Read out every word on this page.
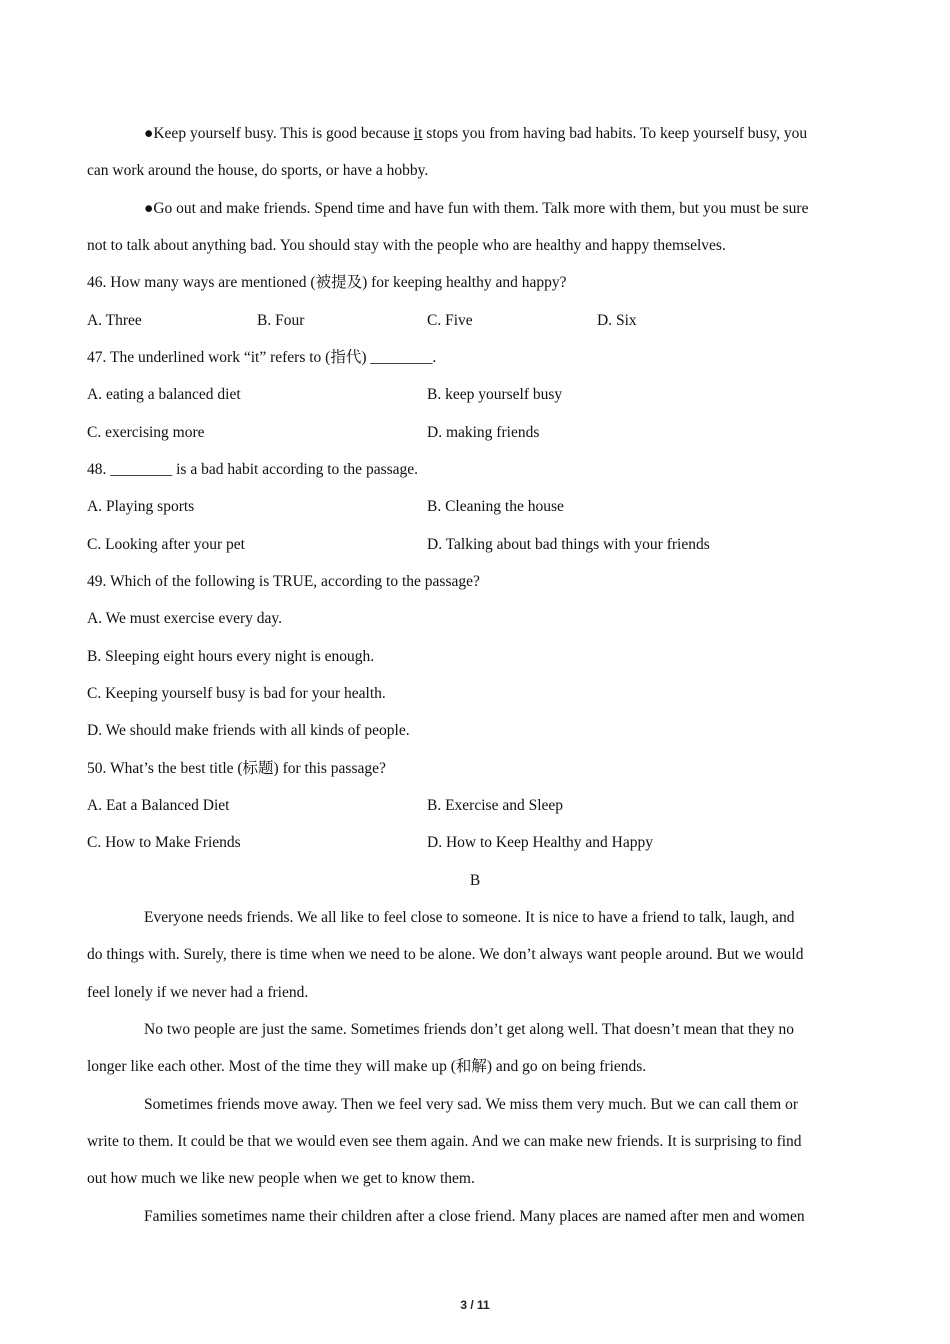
●Keep yourself busy. This is good because it stops you from having bad habits. To keep yourself busy, you
can work around the house, do sports, or have a hobby.
●Go out and make friends. Spend time and have fun with them. Talk more with them, but you must be sure
not to talk about anything bad. You should stay with the people who are healthy and happy themselves.
46. How many ways are mentioned (被提及) for keeping healthy and happy?
A. Three	B. Four	C. Five	D. Six
47. The underlined work “it” refers to (指代) ________.
A. eating a balanced diet	B. keep yourself busy
C. exercising more	D. making friends
48. ________ is a bad habit according to the passage.
A. Playing sports	B. Cleaning the house
C. Looking after your pet	D. Talking about bad things with your friends
49. Which of the following is TRUE, according to the passage?
A. We must exercise every day.
B. Sleeping eight hours every night is enough.
C. Keeping yourself busy is bad for your health.
D. We should make friends with all kinds of people.
50. What’s the best title (标题) for this passage?
A. Eat a Balanced Diet	B. Exercise and Sleep
C. How to Make Friends	D. How to Keep Healthy and Happy
B
Everyone needs friends. We all like to feel close to someone. It is nice to have a friend to talk, laugh, and
do things with. Surely, there is time when we need to be alone. We don’t always want people around. But we would
feel lonely if we never had a friend.
No two people are just the same. Sometimes friends don’t get along well. That doesn’t mean that they no
longer like each other. Most of the time they will make up (和解) and go on being friends.
Sometimes friends move away. Then we feel very sad. We miss them very much. But we can call them or
write to them. It could be that we would even see them again. And we can make new friends. It is surprising to find
out how much we like new people when we get to know them.
Families sometimes name their children after a close friend. Many places are named after men and women
3 / 11
